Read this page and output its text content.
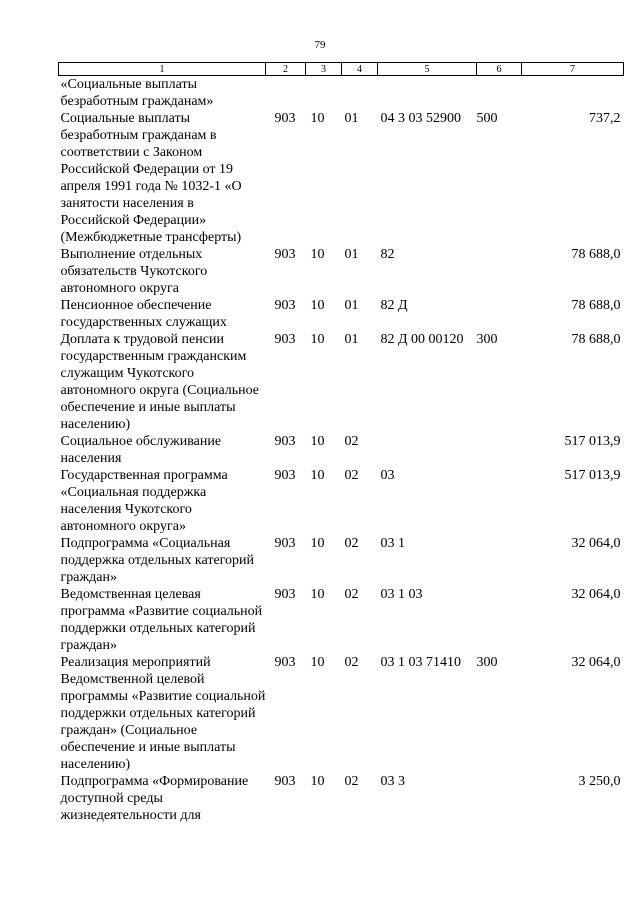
79
1	2	3	4	5	6	7
«Социальные выплаты безработным гражданам»						
Социальные выплаты безработным гражданам в соответствии с Законом Российской Федерации от 19 апреля 1991 года № 1032-1 «О занятости населения в Российской Федерации» (Межбюджетные трансферты)	903	10	01	04 3 03 52900	500	737,2
Выполнение отдельных обязательств Чукотского автономного округа	903	10	01	82		78 688,0
Пенсионное обеспечение государственных служащих	903	10	01	82 Д		78 688,0
Доплата к трудовой пенсии государственным гражданским служащим Чукотского автономного округа (Социальное обеспечение и иные выплаты населению)	903	10	01	82 Д 00 00120	300	78 688,0
Социальное обслуживание населения	903	10	02			517 013,9
Государственная программа «Социальная поддержка населения Чукотского автономного округа»	903	10	02	03		517 013,9
Подпрограмма «Социальная поддержка отдельных категорий граждан»	903	10	02	03 1		32 064,0
Ведомственная целевая программа «Развитие социальной поддержки отдельных категорий граждан»	903	10	02	03 1 03		32 064,0
Реализация мероприятий Ведомственной целевой программы «Развитие социальной поддержки отдельных категорий граждан» (Социальное обеспечение и иные выплаты населению)	903	10	02	03 1 03 71410	300	32 064,0
Подпрограмма «Формирование доступной среды жизнедеятельности для	903	10	02	03 3		3 250,0
